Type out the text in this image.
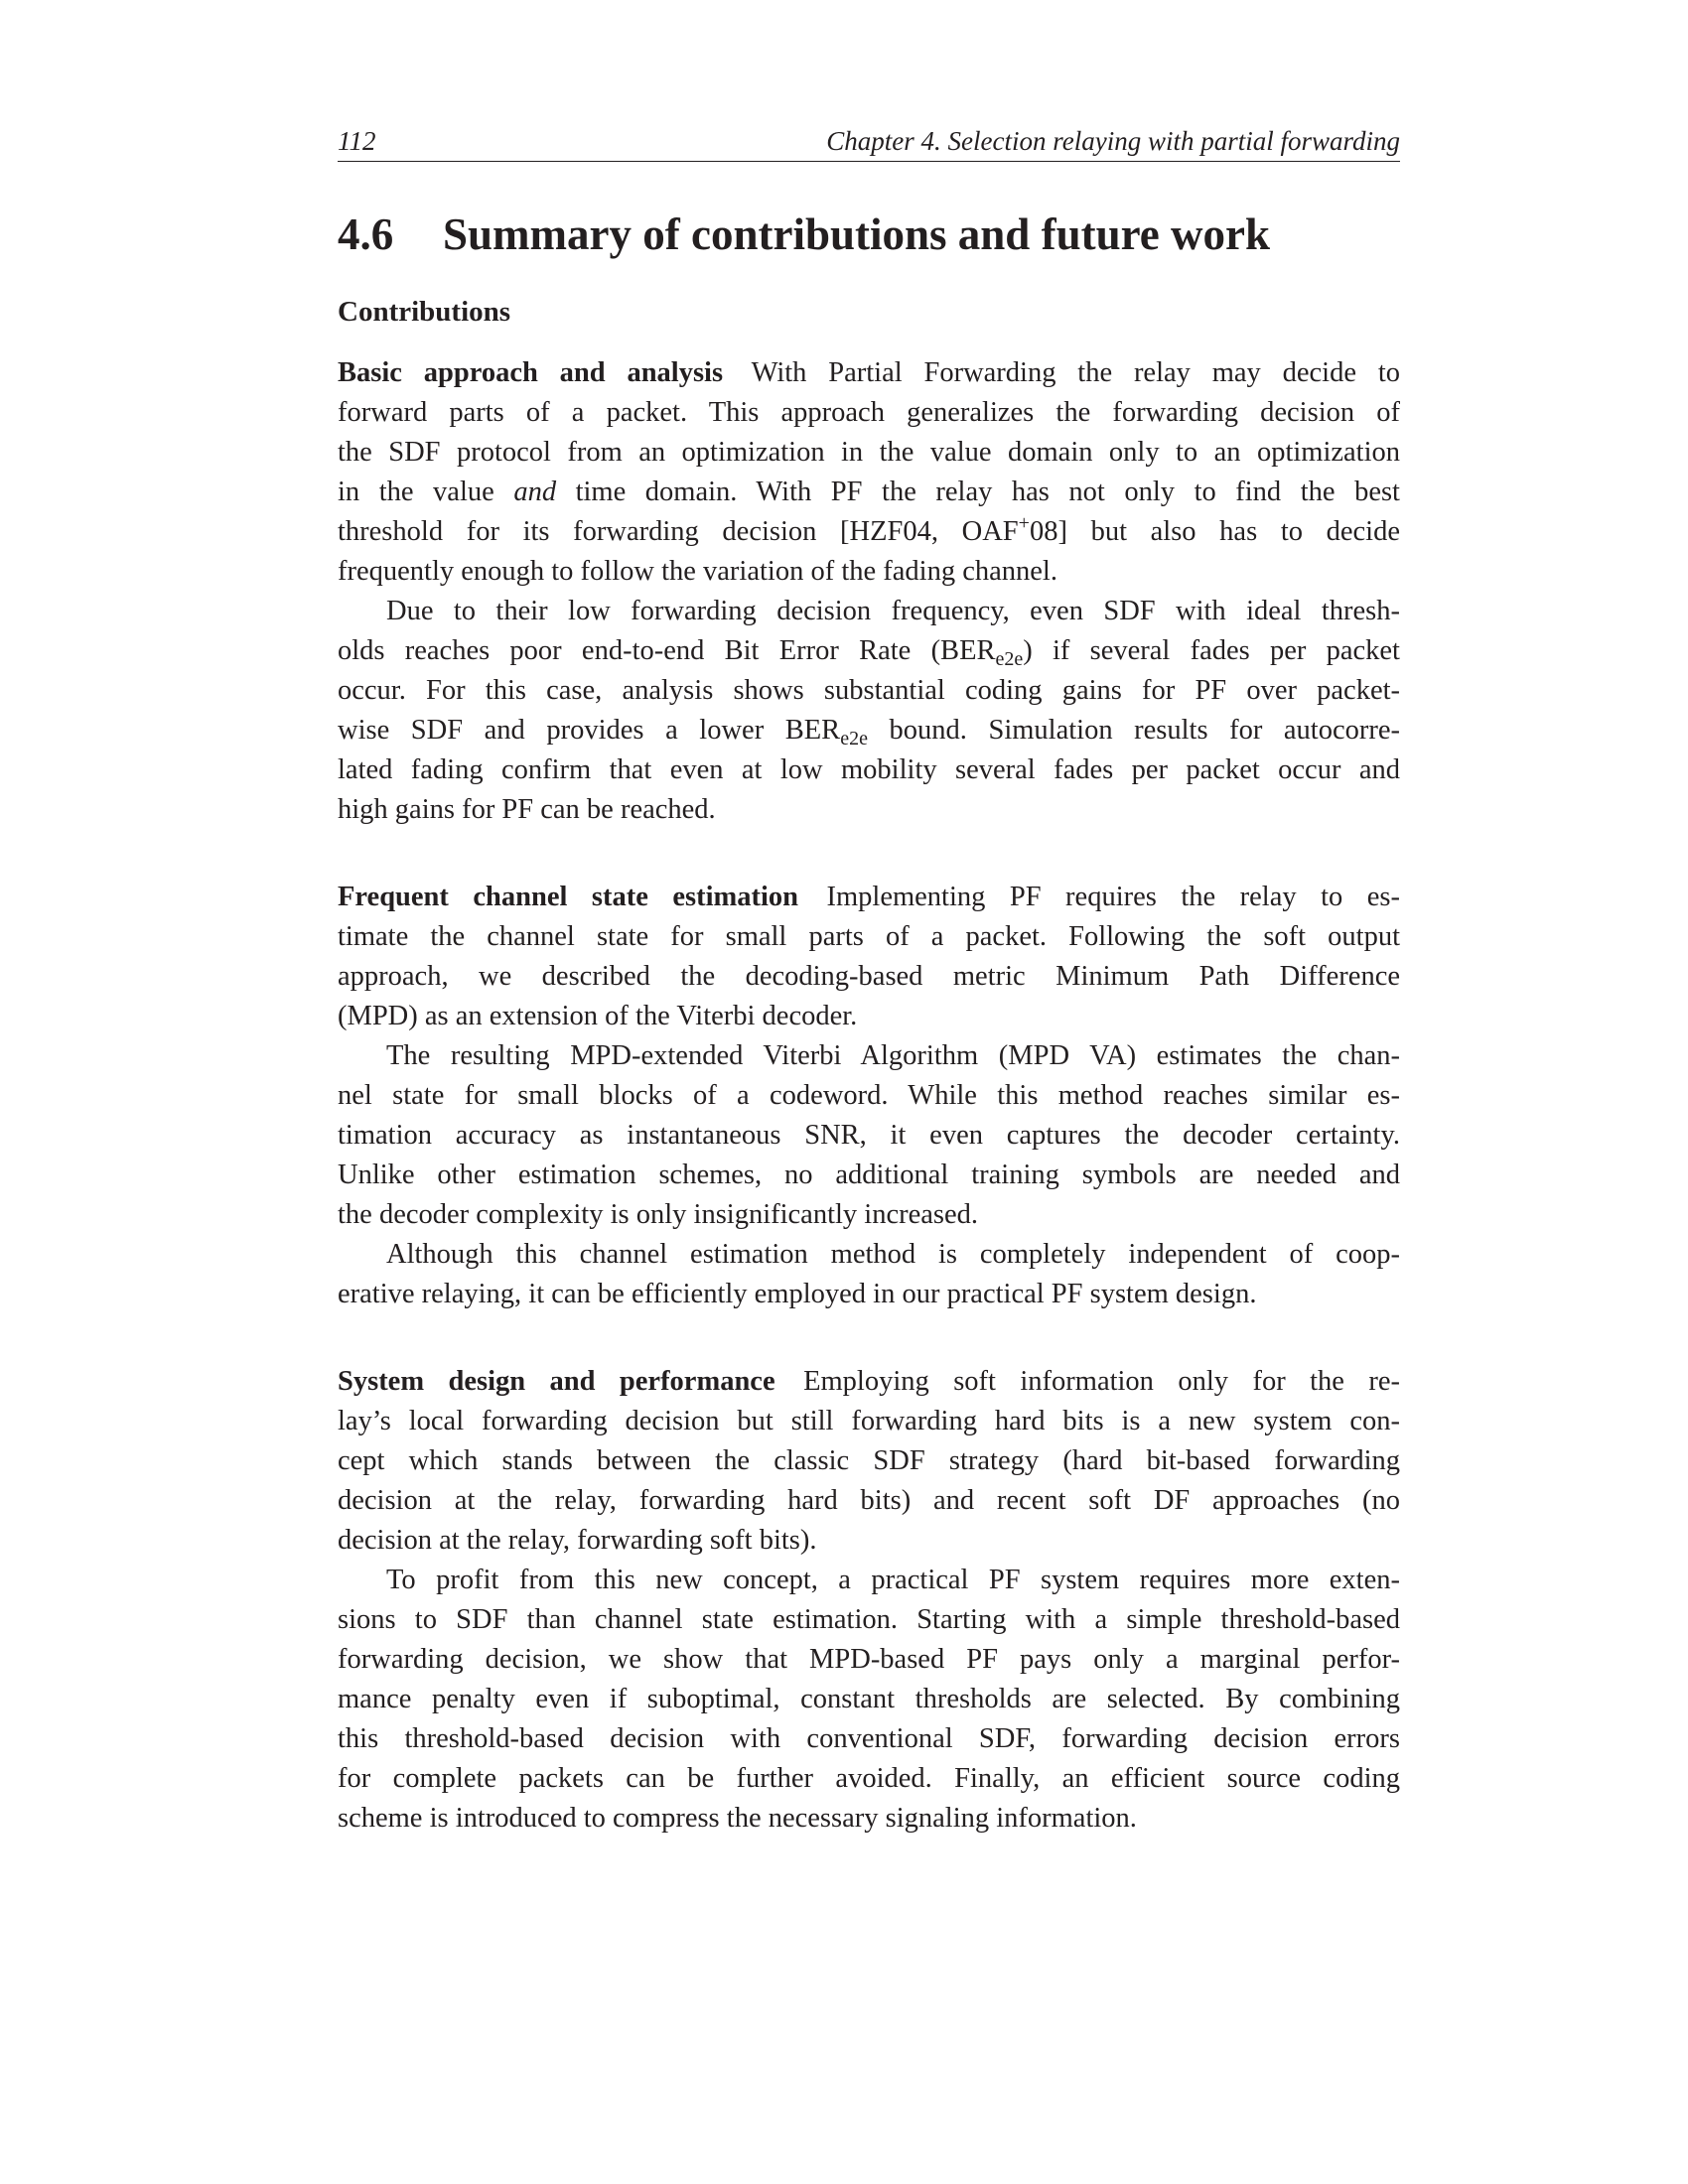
112	Chapter 4. Selection relaying with partial forwarding
4.6 Summary of contributions and future work
Contributions
Basic approach and analysis With Partial Forwarding the relay may decide to
forward parts of a packet. This approach generalizes the forwarding decision of
the SDF protocol from an optimization in the value domain only to an optimization
in the value and time domain. With PF the relay has not only to find the best
threshold for its forwarding decision [HZF04, OAF+08] but also has to decide
frequently enough to follow the variation of the fading channel.
Due to their low forwarding decision frequency, even SDF with ideal thresh-
olds reaches poor end-to-end Bit Error Rate $(BER_{e2e})$ if several fades per packet
occur. For this case, analysis shows substantial coding gains for PF over packet-
wise SDF and provides a lower $BER_{e2e}$ bound. Simulation results for autocorre-
lated fading confirm that even at low mobility several fades per packet occur and
high gains for PF can be reached.
Frequent channel state estimation Implementing PF requires the relay to es-
timate the channel state for small parts of a packet. Following the soft output
approach, we described the decoding-based metric Minimum Path Difference
(MPD) as an extension of the Viterbi decoder.
The resulting MPD-extended Viterbi Algorithm (MPD VA) estimates the chan-
nel state for small blocks of a codeword. While this method reaches similar es-
timation accuracy as instantaneous SNR, it even captures the decoder certainty.
Unlike other estimation schemes, no additional training symbols are needed and
the decoder complexity is only insignificantly increased.
Although this channel estimation method is completely independent of coop-
erative relaying, it can be efficiently employed in our practical PF system design.
System design and performance Employing soft information only for the re-
lay’s local forwarding decision but still forwarding hard bits is a new system con-
cept which stands between the classic SDF strategy (hard bit-based forwarding
decision at the relay, forwarding hard bits) and recent soft DF approaches (no
decision at the relay, forwarding soft bits).
To profit from this new concept, a practical PF system requires more exten-
sions to SDF than channel state estimation. Starting with a simple threshold-based
forwarding decision, we show that MPD-based PF pays only a marginal perfor-
mance penalty even if suboptimal, constant thresholds are selected. By combining
this threshold-based decision with conventional SDF, forwarding decision errors
for complete packets can be further avoided. Finally, an efficient source coding
scheme is introduced to compress the necessary signaling information.
